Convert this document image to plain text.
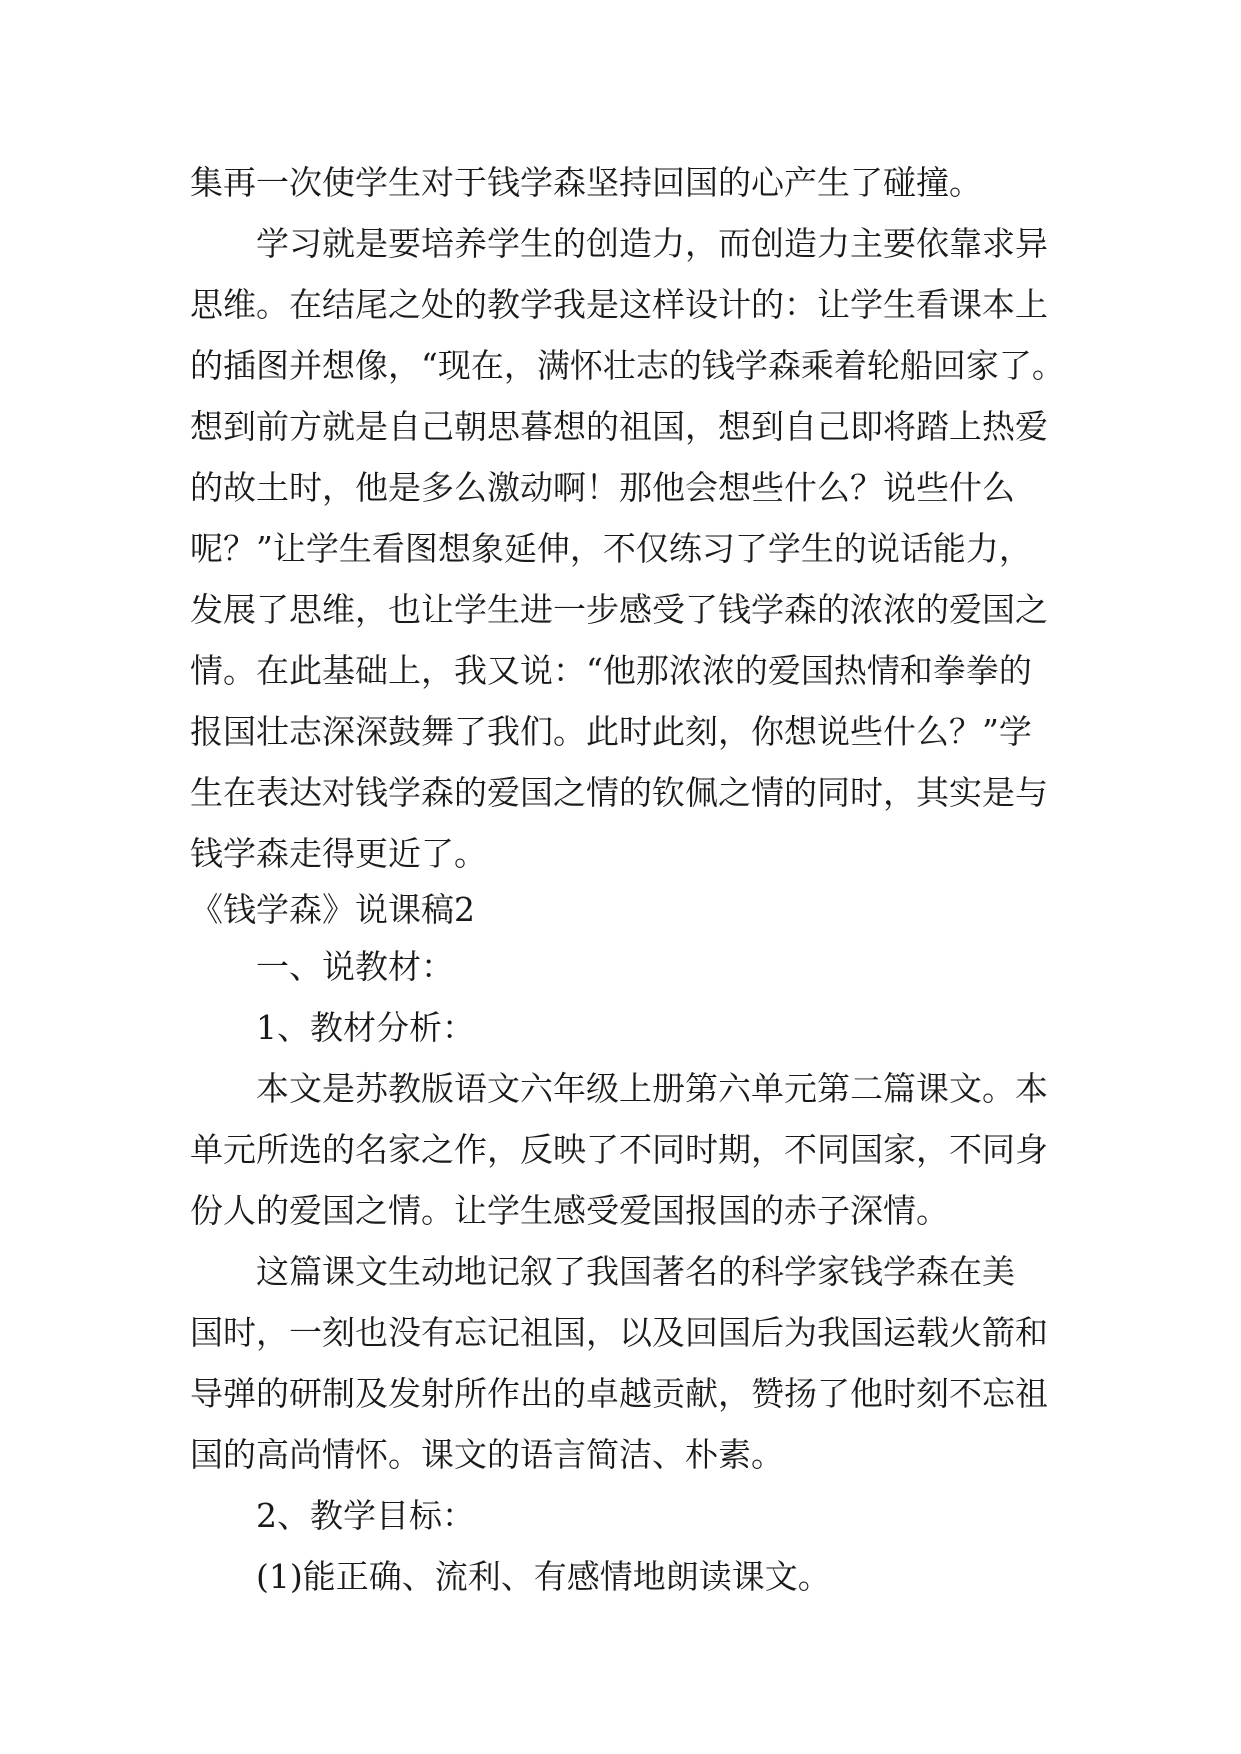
集再一次使学生对于钱学森坚持回国的心产生了碰撞。
学习就是要培养学生的创造力，而创造力主要依靠求异
思维。在结尾之处的教学我是这样设计的：让学生看课本上
的插图并想像，“现在，满怀壮志的钱学森乘着轮船回家了。
想到前方就是自己朝思暮想的祖国，想到自己即将踏上热爱
的故土时，他是多么激动啊！那他会想些什么？说些什么
呢？”让学生看图想象延伸，不仅练习了学生的说话能力，
发展了思维，也让学生进一步感受了钱学森的浓浓的爱国之
情。在此基础上，我又说：“他那浓浓的爱国热情和拳拳的
报国壮志深深鼓舞了我们。此时此刻，你想说些什么？”学
生在表达对钱学森的爱国之情的钦佩之情的同时，其实是与
钱学森走得更近了。
《钱学森》说课稿2
一、说教材：
1、教材分析：
本文是苏教版语文六年级上册第六单元第二篇课文。本
单元所选的名家之作，反映了不同时期，不同国家，不同身
份人的爱国之情。让学生感受爱国报国的赤子深情。
这篇课文生动地记叙了我国著名的科学家钱学森在美
国时，一刻也没有忘记祖国，以及回国后为我国运载火箭和
导弹的研制及发射所作出的卓越贡献，赞扬了他时刻不忘祖
国的高尚情怀。课文的语言简洁、朴素。
2、教学目标：
(1)能正确、流利、有感情地朗读课文。
